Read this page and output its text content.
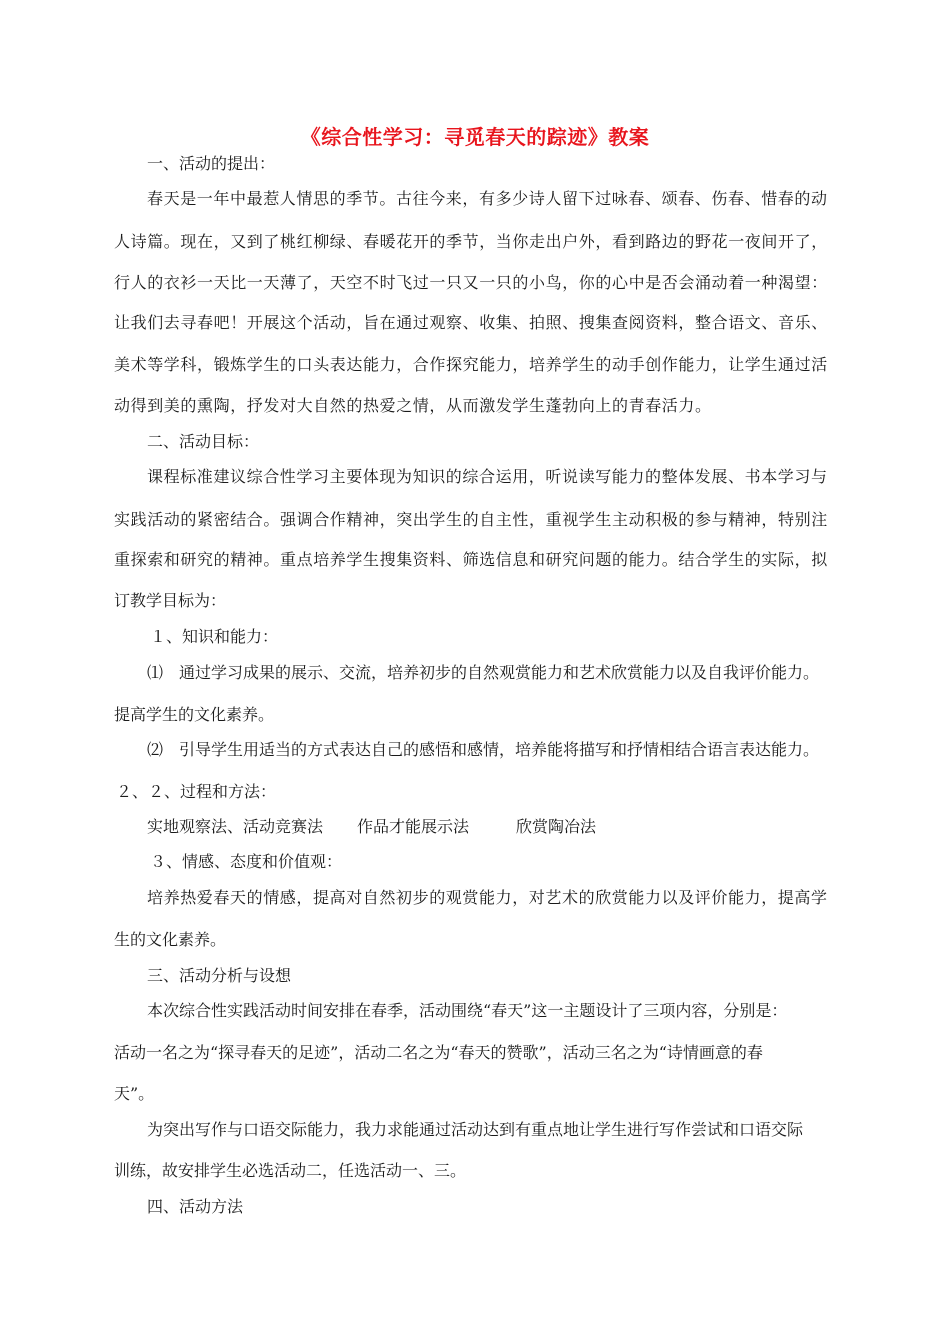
《综合性学习：寻觅春天的踪迹》教案
一、活动的提出：
春天是一年中最惹人情思的季节。古往今来，有多少诗人留下过咏春、颂春、伤春、惜春的动
人诗篇。现在，又到了桃红柳绿、春暖花开的季节，当你走出户外，看到路边的野花一夜间开了，
行人的衣衫一天比一天薄了，天空不时飞过一只又一只的小鸟，你的心中是否会涌动着一种渴望：
让我们去寻春吧！开展这个活动，旨在通过观察、收集、拍照、搜集查阅资料，整合语文、音乐、
美术等学科，锻炼学生的口头表达能力，合作探究能力，培养学生的动手创作能力，让学生通过活
动得到美的熏陶，抒发对大自然的热爱之情，从而激发学生蓬勃向上的青春活力。
二、活动目标：
课程标准建议综合性学习主要体现为知识的综合运用，听说读写能力的整体发展、书本学习与
实践活动的紧密结合。强调合作精神，突出学生的自主性，重视学生主动积极的参与精神，特别注
重探索和研究的精神。重点培养学生搜集资料、筛选信息和研究问题的能力。结合学生的实际，拟
订教学目标为：
１、知识和能力：
⑴　通过学习成果的展示、交流，培养初步的自然观赏能力和艺术欣赏能力以及自我评价能力。
提高学生的文化素养。
⑵　引导学生用适当的方式表达自己的感悟和感情，培养能将描写和抒情相结合语言表达能力。
２、２、过程和方法：
实地观察法、活动竞赛法 作品才能展示法	欣赏陶冶法
３、情感、态度和价值观：
培养热爱春天的情感，提高对自然初步的观赏能力，对艺术的欣赏能力以及评价能力，提高学
生的文化素养。
三、活动分析与设想
本次综合性实践活动时间安排在春季，活动围绕“春天”这一主题设计了三项内容，分别是：
活动一名之为“探寻春天的足迹”，活动二名之为“春天的赞歌”，活动三名之为“诗情画意的春
天”。
为突出写作与口语交际能力，我力求能通过活动达到有重点地让学生进行写作尝试和口语交际
训练，故安排学生必选活动二，任选活动一、三。
四、活动方法
